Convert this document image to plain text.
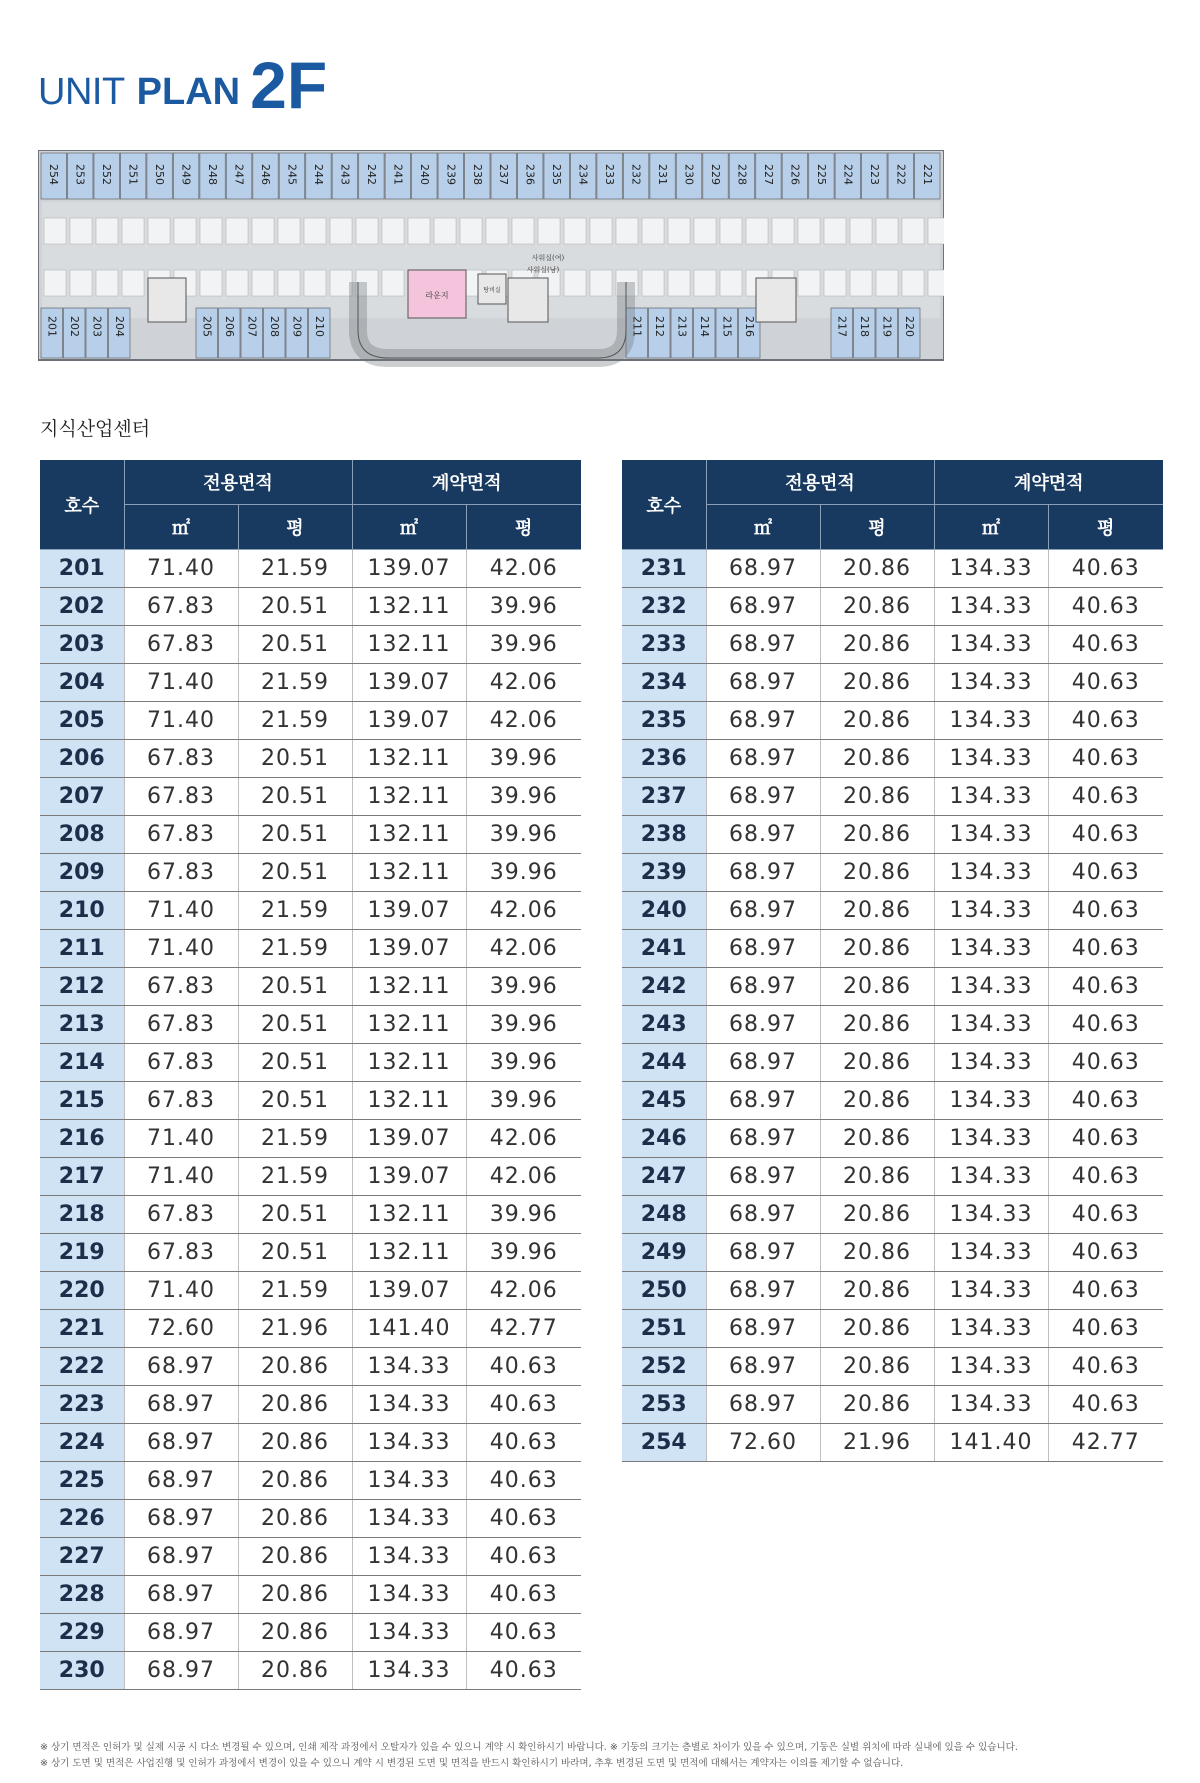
UNIT PLAN 2F
254 253 252 251 250 249 248 247 246 245 244 243 242 241 240 239 238 237 236 235 234 233 232 231 230 229 228 227 226 225 224 223 222 221
201 202 203 204	205 206 207 208 209 210	211 212 213 214 215 216	217 218 219 220
라운지
사워실(여)
사워실(남)
탕비실
지식산업센터
호수	전용면적		계약면적	
	㎡	평	㎡	평
201	71.40	21.59	139.07	42.06
202	67.83	20.51	132.11	39.96
203	67.83	20.51	132.11	39.96
204	71.40	21.59	139.07	42.06
205	71.40	21.59	139.07	42.06
206	67.83	20.51	132.11	39.96
207	67.83	20.51	132.11	39.96
208	67.83	20.51	132.11	39.96
209	67.83	20.51	132.11	39.96
210	71.40	21.59	139.07	42.06
211	71.40	21.59	139.07	42.06
212	67.83	20.51	132.11	39.96
213	67.83	20.51	132.11	39.96
214	67.83	20.51	132.11	39.96
215	67.83	20.51	132.11	39.96
216	71.40	21.59	139.07	42.06
217	71.40	21.59	139.07	42.06
218	67.83	20.51	132.11	39.96
219	67.83	20.51	132.11	39.96
220	71.40	21.59	139.07	42.06
221	72.60	21.96	141.40	42.77
222	68.97	20.86	134.33	40.63
223	68.97	20.86	134.33	40.63
224	68.97	20.86	134.33	40.63
225	68.97	20.86	134.33	40.63
226	68.97	20.86	134.33	40.63
227	68.97	20.86	134.33	40.63
228	68.97	20.86	134.33	40.63
229	68.97	20.86	134.33	40.63
230	68.97	20.86	134.33	40.63
호수	전용면적		계약면적	
	㎡	평	㎡	평
231	68.97	20.86	134.33	40.63
232	68.97	20.86	134.33	40.63
233	68.97	20.86	134.33	40.63
234	68.97	20.86	134.33	40.63
235	68.97	20.86	134.33	40.63
236	68.97	20.86	134.33	40.63
237	68.97	20.86	134.33	40.63
238	68.97	20.86	134.33	40.63
239	68.97	20.86	134.33	40.63
240	68.97	20.86	134.33	40.63
241	68.97	20.86	134.33	40.63
242	68.97	20.86	134.33	40.63
243	68.97	20.86	134.33	40.63
244	68.97	20.86	134.33	40.63
245	68.97	20.86	134.33	40.63
246	68.97	20.86	134.33	40.63
247	68.97	20.86	134.33	40.63
248	68.97	20.86	134.33	40.63
249	68.97	20.86	134.33	40.63
250	68.97	20.86	134.33	40.63
251	68.97	20.86	134.33	40.63
252	68.97	20.86	134.33	40.63
253	68.97	20.86	134.33	40.63
254	72.60	21.96	141.40	42.77
※ 상기 면적은 인허가 및 실제 시공 시 다소 변경될 수 있으며, 인쇄 제작 과정에서 오탈자가 있을 수 있으니 계약 시 확인하시기 바랍니다. ※ 기둥의 크기는 층별로 차이가 있을 수 있으며, 기둥은 실별 위치에 따라 실내에 있을 수 있습니다.
※ 상기 도면 및 면적은 사업진행 및 인허가 과정에서 변경이 있을 수 있으니 계약 시 변경된 도면 및 면적을 반드시 확인하시기 바라며, 추후 변경된 도면 및 면적에 대해서는 계약자는 이의를 제기할 수 없습니다.
